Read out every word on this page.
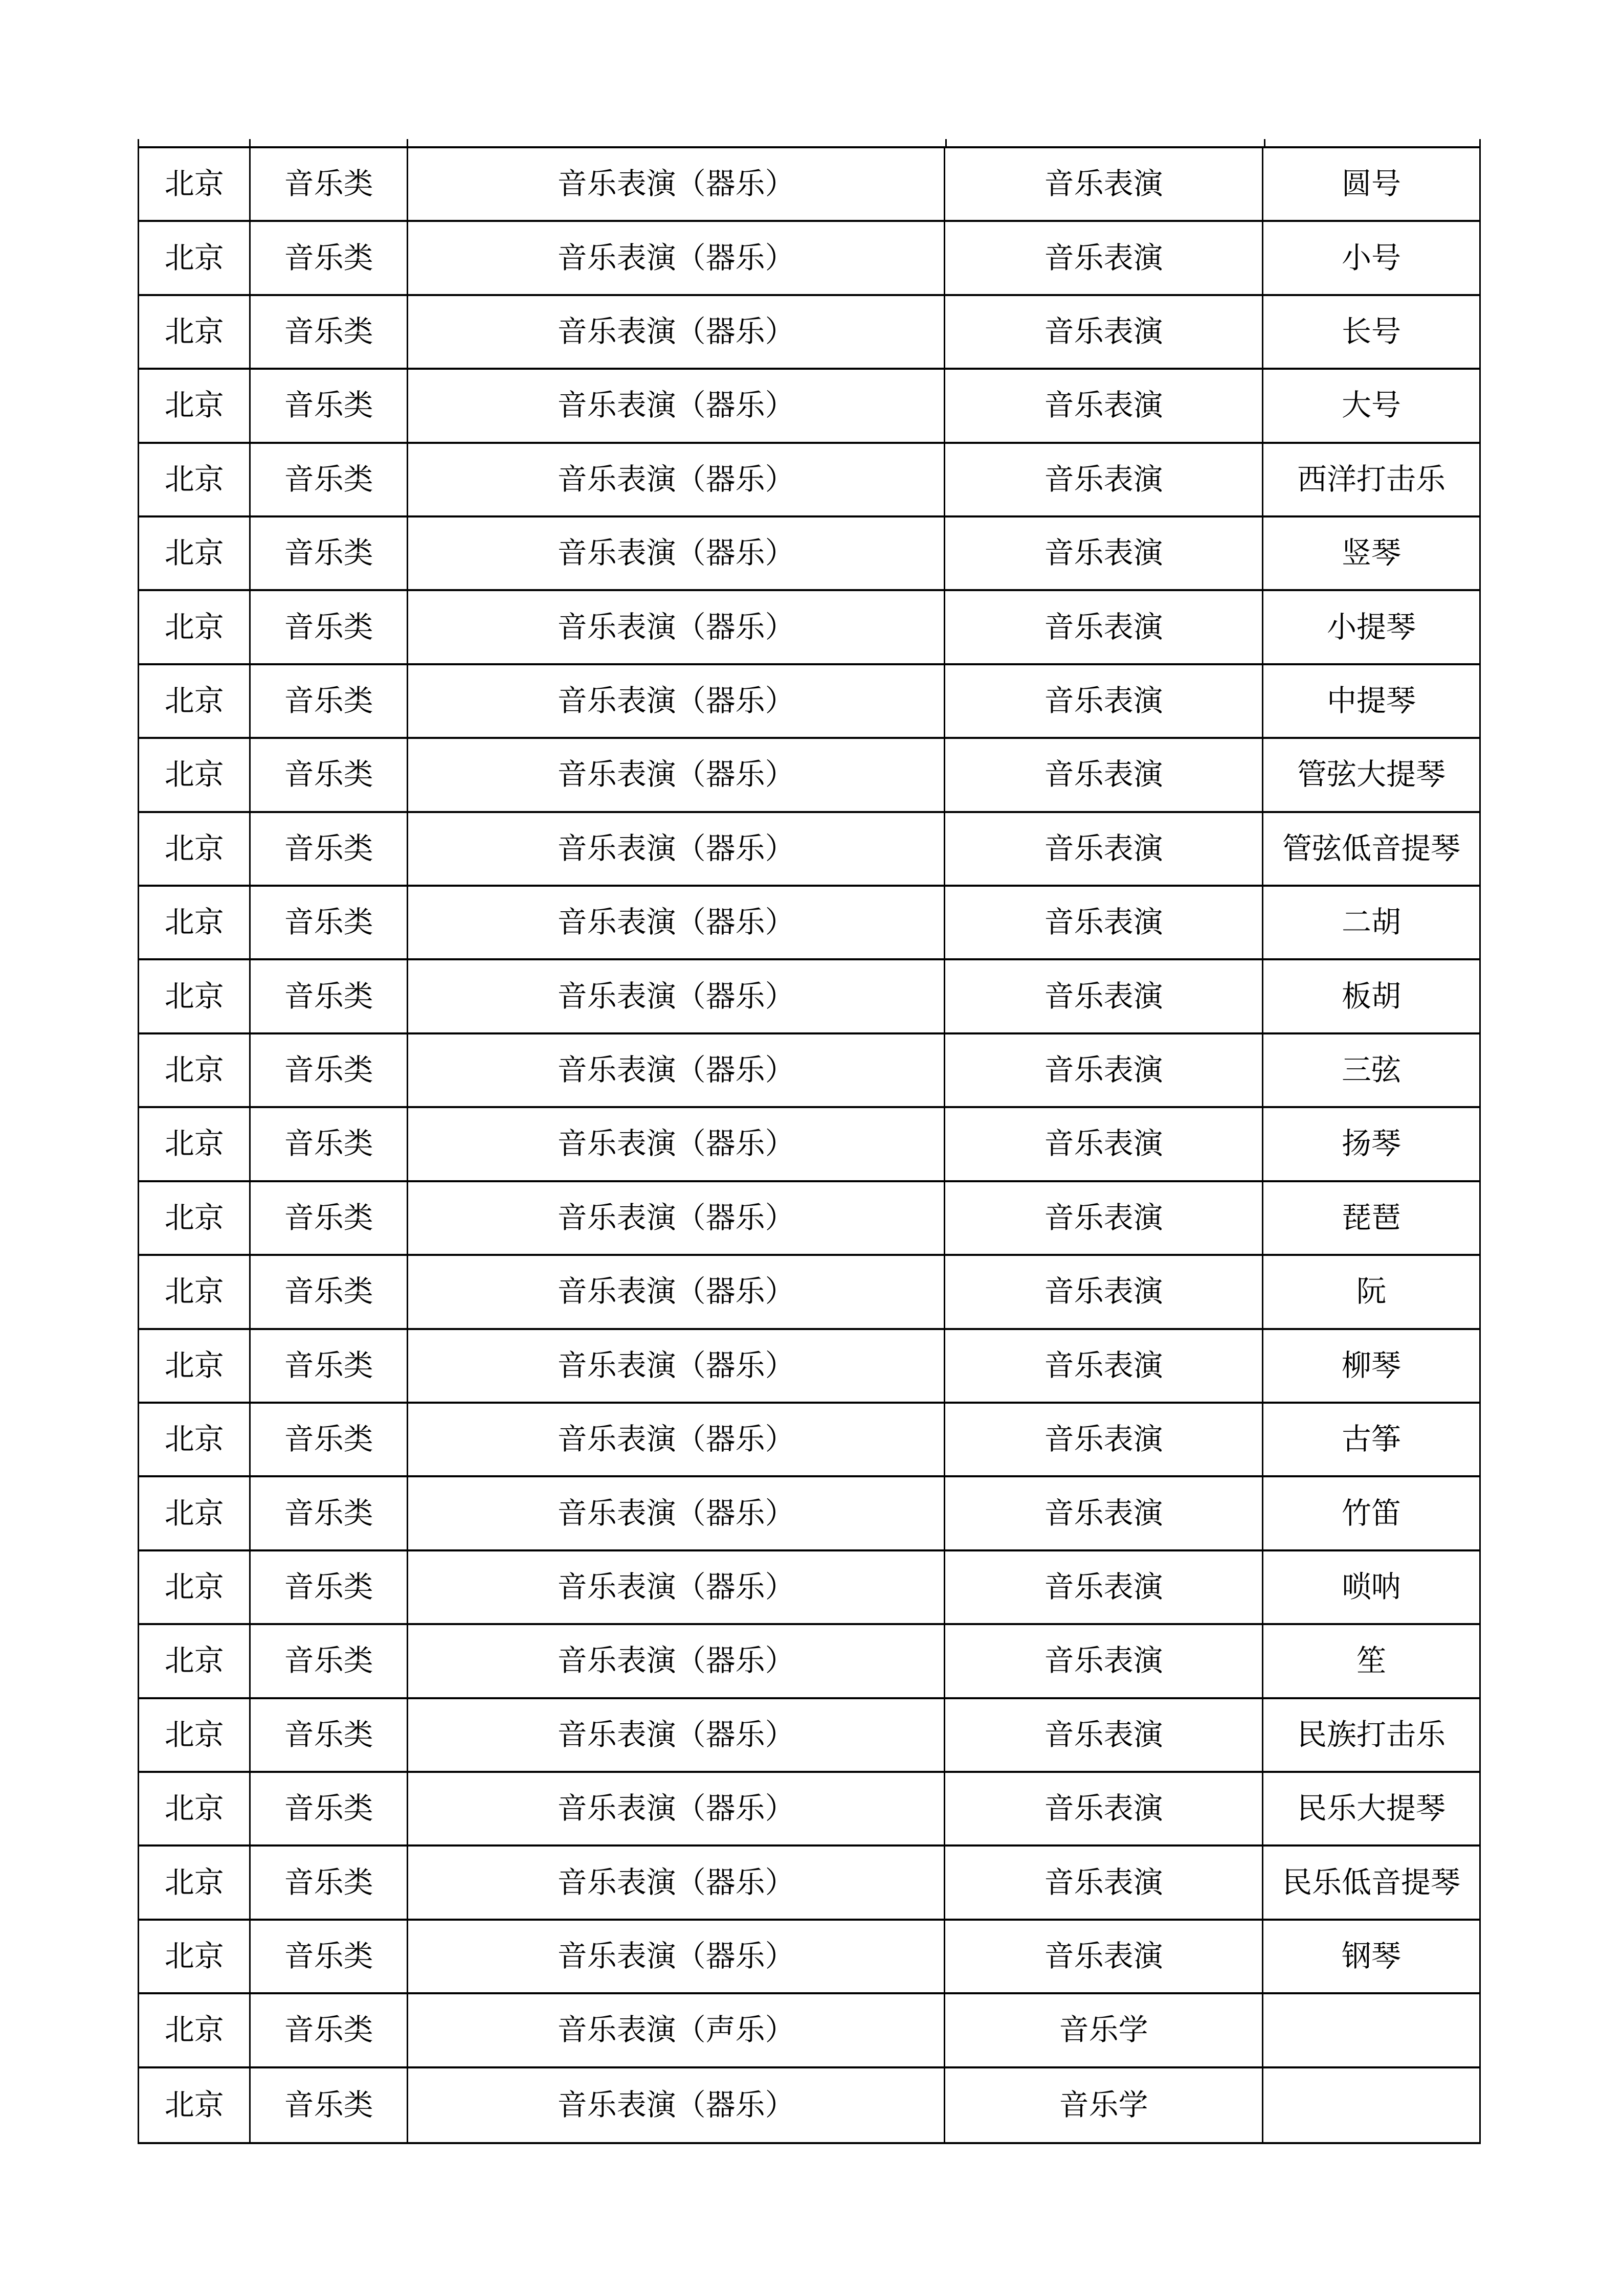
北京 音乐类	音乐表演（器乐）	音乐表演	圆号
北京 音乐类	音乐表演（器乐）	音乐表演	小号
北京 音乐类	音乐表演（器乐）	音乐表演	长号
北京 音乐类	音乐表演（器乐）	音乐表演	大号
北京 音乐类	音乐表演（器乐）	音乐表演	西洋打击乐
北京 音乐类	音乐表演（器乐）	音乐表演	竖琴
北京 音乐类	音乐表演（器乐）	音乐表演	小提琴
北京 音乐类	音乐表演（器乐）	音乐表演	中提琴
北京 音乐类	音乐表演（器乐）	音乐表演	管弦大提琴
北京 音乐类	音乐表演（器乐）	音乐表演	管弦低音提琴
北京 音乐类	音乐表演（器乐）	音乐表演	二胡
北京 音乐类	音乐表演（器乐）	音乐表演	板胡
北京 音乐类	音乐表演（器乐）	音乐表演	三弦
北京 音乐类	音乐表演（器乐）	音乐表演	扬琴
北京 音乐类	音乐表演（器乐）	音乐表演	琵琶
北京 音乐类	音乐表演（器乐）	音乐表演	阮
北京 音乐类	音乐表演（器乐）	音乐表演	柳琴
北京 音乐类	音乐表演（器乐）	音乐表演	古筝
北京 音乐类	音乐表演（器乐）	音乐表演	竹笛
北京 音乐类	音乐表演（器乐）	音乐表演	唢呐
北京 音乐类	音乐表演（器乐）	音乐表演	笙
北京 音乐类	音乐表演（器乐）	音乐表演	民族打击乐
北京 音乐类	音乐表演（器乐）	音乐表演	民乐大提琴
北京 音乐类	音乐表演（器乐）	音乐表演	民乐低音提琴
北京 音乐类	音乐表演（器乐）	音乐表演	钢琴
北京 音乐类	音乐表演（声乐）	音乐学
北京 音乐类	音乐表演（器乐）	音乐学
